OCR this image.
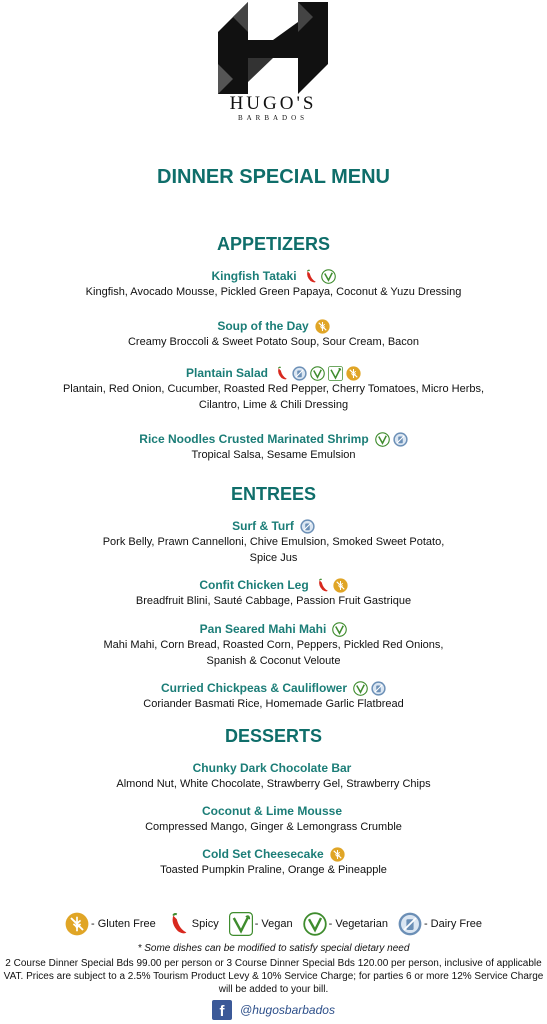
HUGO'S
BARBADOS
DINNER SPECIAL MENU
APPETIZERS
Kingfish Tataki
Kingfish, Avocado Mousse, Pickled Green Papaya, Coconut & Yuzu Dressing
Soup of the Day
Creamy Broccoli & Sweet Potato Soup, Sour Cream, Bacon
Plantain Salad
Plantain, Red Onion, Cucumber, Roasted Red Pepper, Cherry Tomatoes, Micro Herbs, Cilantro, Lime & Chili Dressing
Rice Noodles Crusted Marinated Shrimp
Tropical Salsa, Sesame Emulsion
ENTREES
Surf & Turf
Pork Belly, Prawn Cannelloni, Chive Emulsion, Smoked Sweet Potato, Spice Jus
Confit Chicken Leg
Breadfruit Blini, Sauté Cabbage, Passion Fruit Gastrique
Pan Seared Mahi Mahi
Mahi Mahi, Corn Bread, Roasted Corn, Peppers, Pickled Red Onions, Spanish & Coconut Veloute
Curried Chickpeas & Cauliflower
Coriander Basmati Rice, Homemade Garlic Flatbread
DESSERTS
Chunky Dark Chocolate Bar
Almond Nut, White Chocolate, Strawberry Gel, Strawberry Chips
Coconut & Lime Mousse
Compressed Mango, Ginger & Lemongrass Crumble
Cold Set Cheesecake
Toasted Pumpkin Praline, Orange & Pineapple
- Gluten Free	Spicy	- Vegan	- Vegetarian	- Dairy Free
* Some dishes can be modified to satisfy special dietary need
2 Course Dinner Special Bds 99.00 per person or 3 Course Dinner Special Bds 120.00 per person, inclusive of applicable VAT. Prices are subject to a 2.5% Tourism Product Levy & 10% Service Charge; for parties 6 or more 12% Service Charge will be added to your bill.
f	@hugosbarbados
